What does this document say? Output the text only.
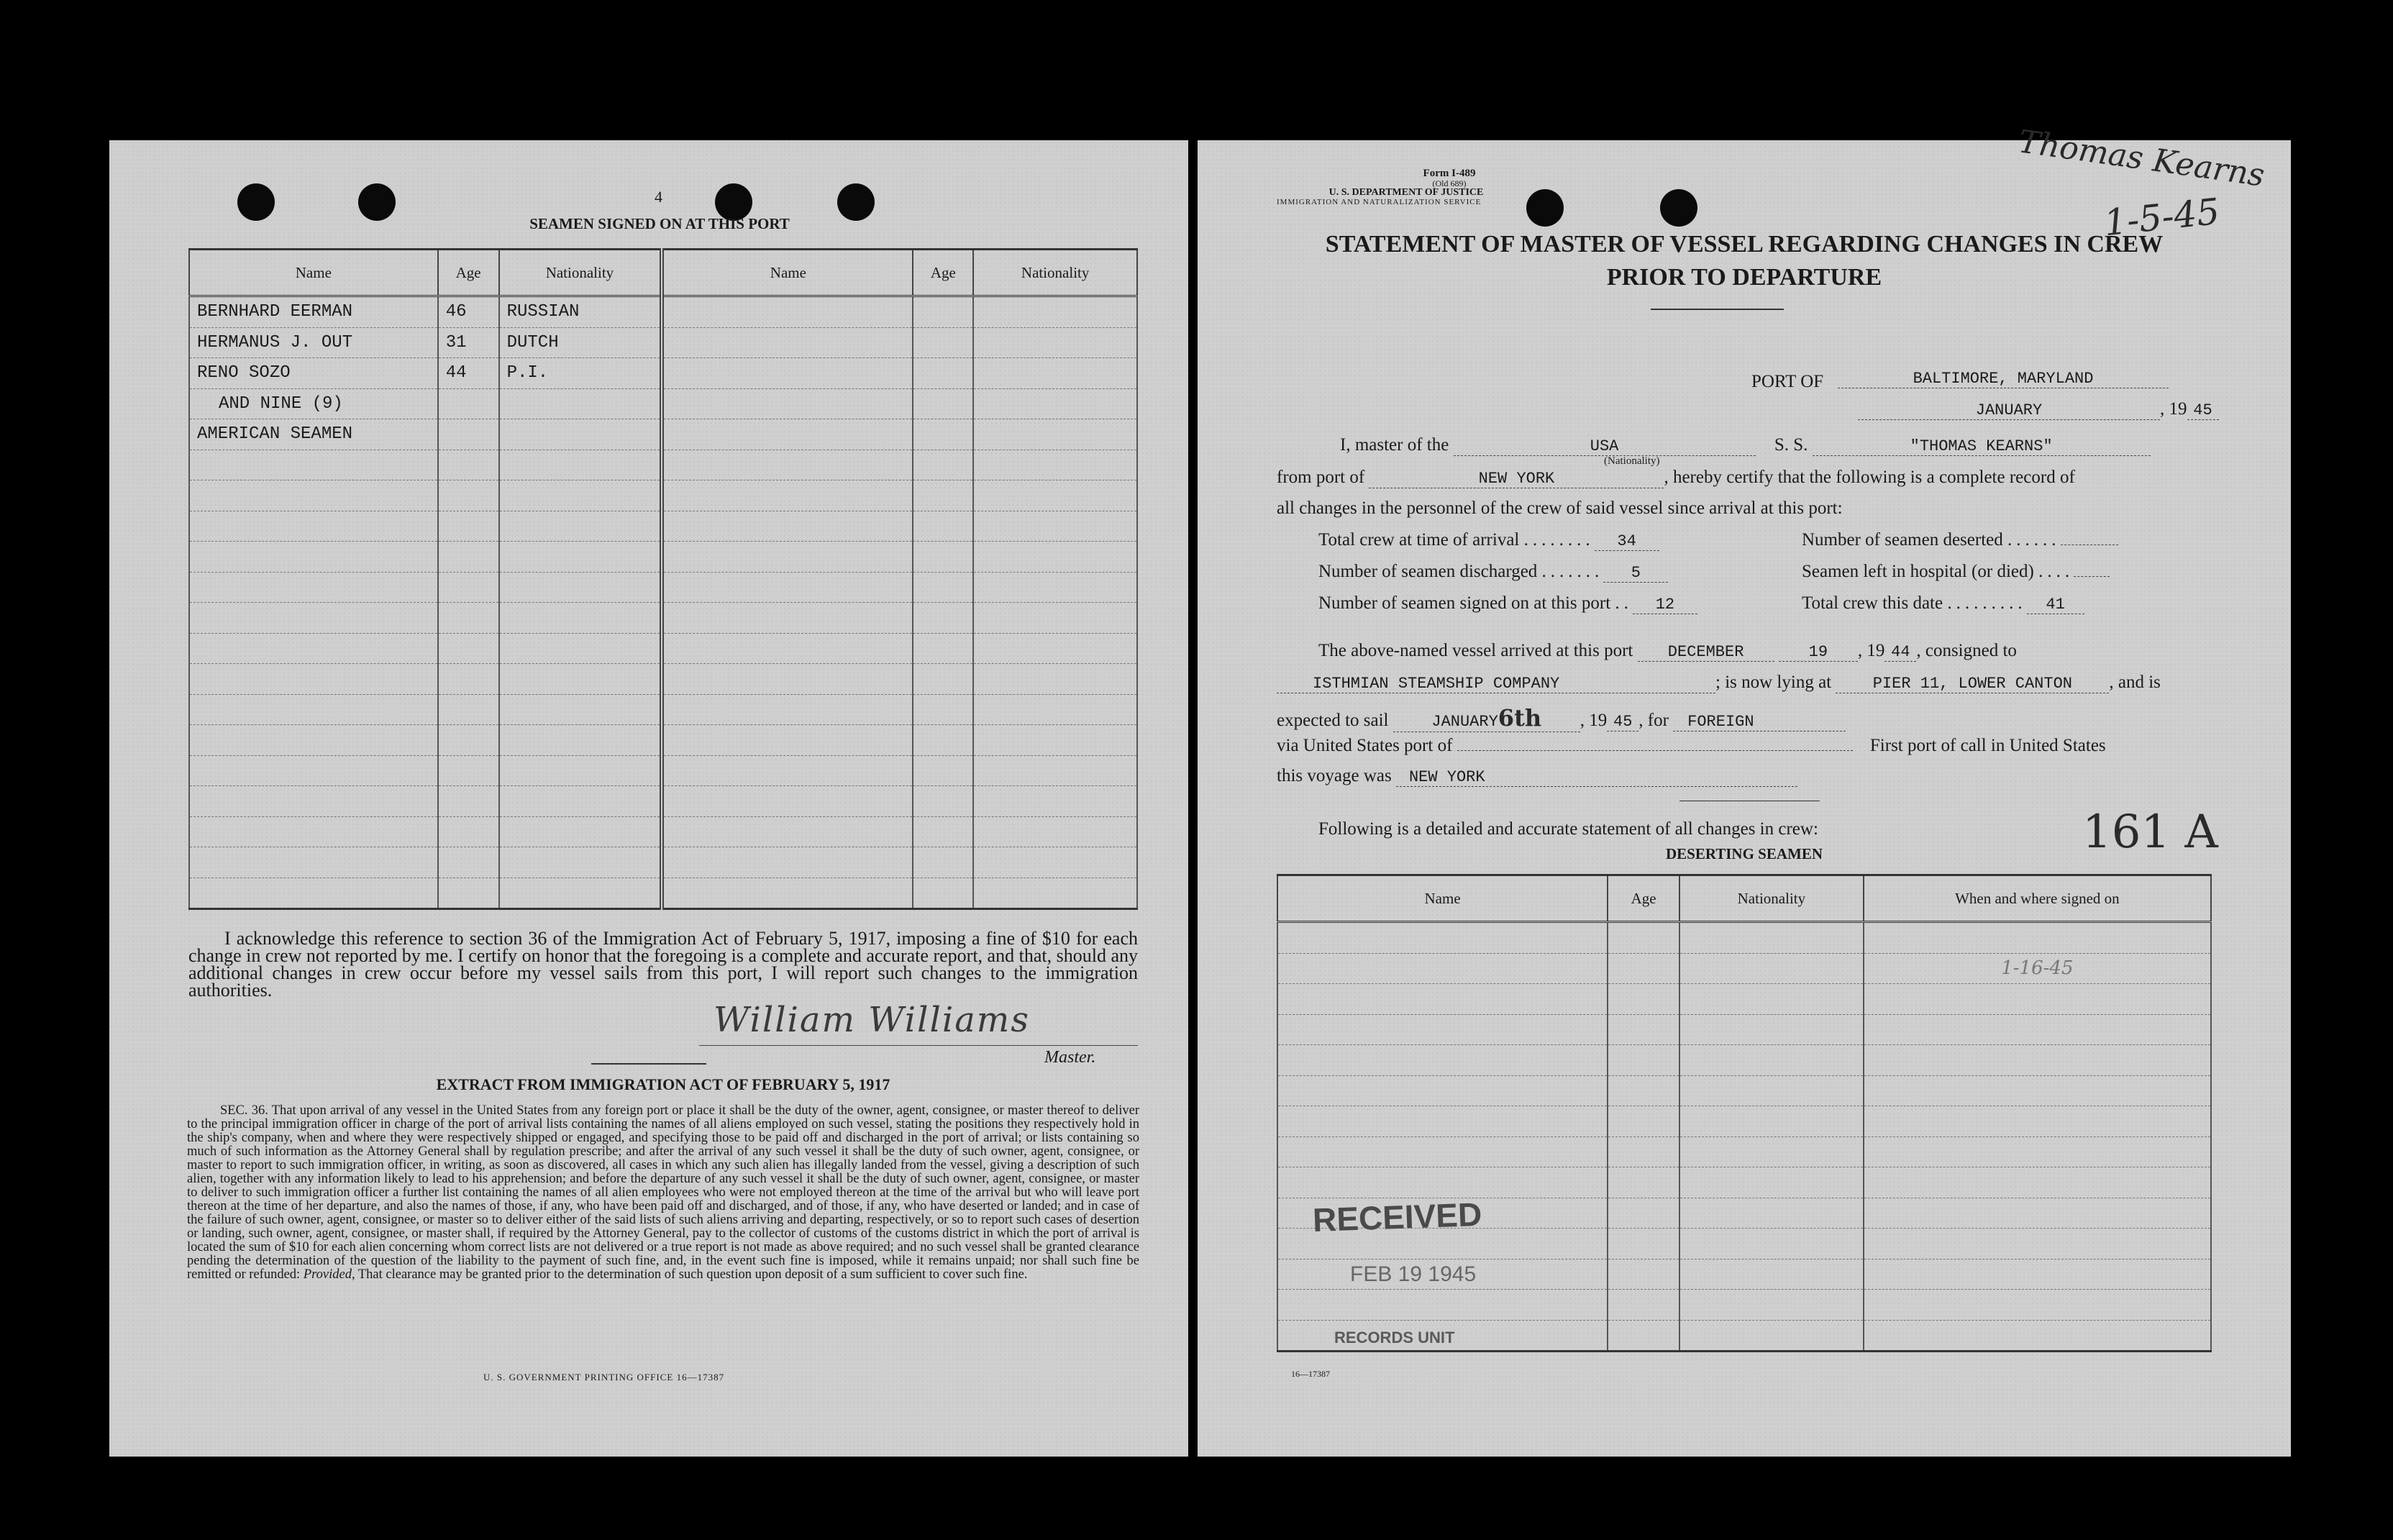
4
SEAMEN SIGNED ON AT THIS PORT
Name	Age	Nationality	Name	Age	Nationality
BERNHARD EERMAN	46	RUSSIAN			
HERMANUS J. OUT	31	DUTCH			
RENO SOZO	44	P.I.			
AND NINE (9)					
AMERICAN SEAMEN					

I acknowledge this reference to section 36 of the Immigration Act of February 5, 1917, imposing a fine of $10 for each change in crew not reported by me. I certify on honor that the foregoing is a complete and accurate report, and that, should any additional changes in crew occur before my vessel sails from this port, I will report such changes to the immigration authorities.
William Williams
Master.
EXTRACT FROM IMMIGRATION ACT OF FEBRUARY 5, 1917
SEC. 36. That upon arrival of any vessel in the United States from any foreign port or place it shall be the duty of the owner, agent, consignee, or master thereof to deliver to the principal immigration officer in charge of the port of arrival lists containing the names of all aliens employed on such vessel, stating the positions they respectively hold in the ship's company, when and where they were respectively shipped or engaged, and specifying those to be paid off and discharged in the port of arrival; or lists containing so much of such information as the Attorney General shall by regulation prescribe; and after the arrival of any such vessel it shall be the duty of such owner, agent, consignee, or master to report to such immigration officer, in writing, as soon as discovered, all cases in which any such alien has illegally landed from the vessel, giving a description of such alien, together with any information likely to lead to his apprehension; and before the departure of any such vessel it shall be the duty of such owner, agent, consignee, or master to deliver to such immigration officer a further list containing the names of all alien employees who were not employed thereon at the time of the arrival but who will leave port thereon at the time of her departure, and also the names of those, if any, who have been paid off and discharged, and of those, if any, who have deserted or landed; and in case of the failure of such owner, agent, consignee, or master so to deliver either of the said lists of such aliens arriving and departing, respectively, or so to report such cases of desertion or landing, such owner, agent, consignee, or master shall, if required by the Attorney General, pay to the collector of customs of the customs district in which the port of arrival is located the sum of $10 for each alien concerning whom correct lists are not delivered or a true report is not made as above required; and no such vessel shall be granted clearance pending the determination of the question of the liability to the payment of such fine, and, in the event such fine is imposed, while it remains unpaid; nor shall such fine be remitted or refunded: Provided, That clearance may be granted prior to the determination of such question upon deposit of a sum sufficient to cover such fine.
U. S. GOVERNMENT PRINTING OFFICE 16—17387
Form I-489
(Old 689)
U. S. DEPARTMENT OF JUSTICE
IMMIGRATION AND NATURALIZATION SERVICE
STATEMENT OF MASTER OF VESSEL REGARDING CHANGES IN CREW
PRIOR TO DEPARTURE
Thomas Kearns
1-5-45
PORT OF	BALTIMORE, MARYLAND
JANUARY	, 19 45
I, master of the	USA	S. S.	"THOMAS KEARNS"
(Nationality)
from port of	NEW YORK	, hereby certify that the following is a complete record of
all changes in the personnel of the crew of said vessel since arrival at this port:
Total crew at time of arrival ........ 34	Number of seamen deserted ......
Number of seamen discharged ....... 5	Seamen left in hospital (or died) ....
Number of seamen signed on at this port .. 12	Total crew this date ......... 41
The above-named vessel arrived at this port DECEMBER	19 , 19 44 , consigned to
ISTHMIAN STEAMSHIP COMPANY	; is now lying at	PIER 11, LOWER CANTON , and is
expected to sail	JANUARY6th , 19 45 , for FOREIGN
via United States port of	First port of call in United States
this voyage was NEW YORK
Following is a detailed and accurate statement of all changes in crew:	161 A
DESERTING SEAMEN
Name	Age	Nationality	When and where signed on

			1-16-45

RECEIVED
FEB 19 1945
RECORDS UNIT
16—17387
